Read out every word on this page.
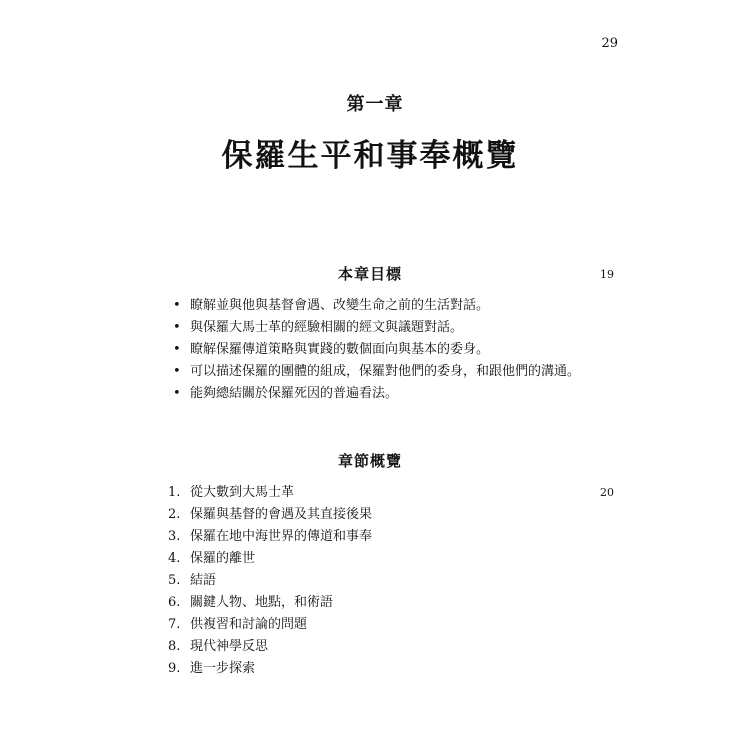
29
第一章
保羅生平和事奉概覽
本章目標	19
• 瞭解並與他與基督會遇、改變生命之前的生活對話。
• 與保羅大馬士革的經驗相關的經文與議題對話。
• 瞭解保羅傳道策略與實踐的數個面向與基本的委身。
• 可以描述保羅的團體的組成，保羅對他們的委身，和跟他們的溝通。
• 能夠總結關於保羅死因的普遍看法。
章節概覽
20
1. 從大數到大馬士革
2. 保羅與基督的會遇及其直接後果
3. 保羅在地中海世界的傳道和事奉
4. 保羅的離世
5. 結語
6. 關鍵人物、地點，和術語
7. 供複習和討論的問題
8. 現代神學反思
9. 進一步探索
